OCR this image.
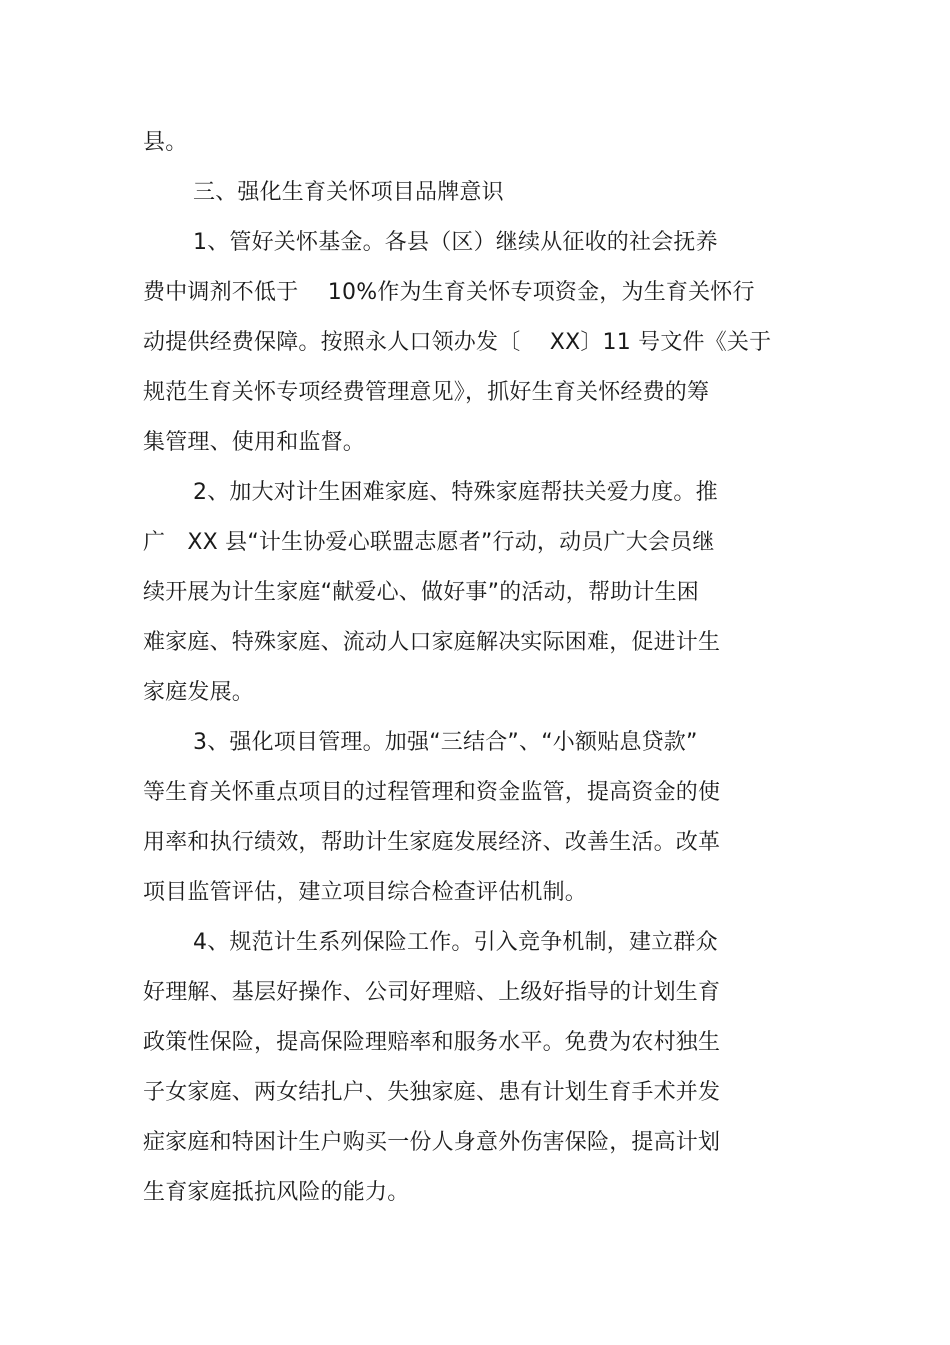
县。
三、强化生育关怀项目品牌意识
1、管好关怀基金。各县（区）继续从征收的社会抚养
费中调剂不低于　 10%作为生育关怀专项资金，为生育关怀行
动提供经费保障。按照永人口领办发〔　 XX〕11 号文件《关于
规范生育关怀专项经费管理意见》，抓好生育关怀经费的筹
集管理、使用和监督。
2、加大对计生困难家庭、特殊家庭帮扶关爱力度。推
广　XX 县“计生协爱心联盟志愿者”行动，动员广大会员继
续开展为计生家庭“献爱心、做好事”的活动，帮助计生困
难家庭、特殊家庭、流动人口家庭解决实际困难，促进计生
家庭发展。
3、强化项目管理。加强“三结合”、“小额贴息贷款”
等生育关怀重点项目的过程管理和资金监管，提高资金的使
用率和执行绩效，帮助计生家庭发展经济、改善生活。改革
项目监管评估，建立项目综合检查评估机制。
4、规范计生系列保险工作。引入竞争机制，建立群众
好理解、基层好操作、公司好理赔、上级好指导的计划生育
政策性保险，提高保险理赔率和服务水平。免费为农村独生
子女家庭、两女结扎户、失独家庭、患有计划生育手术并发
症家庭和特困计生户购买一份人身意外伤害保险，提高计划
生育家庭抵抗风险的能力。
